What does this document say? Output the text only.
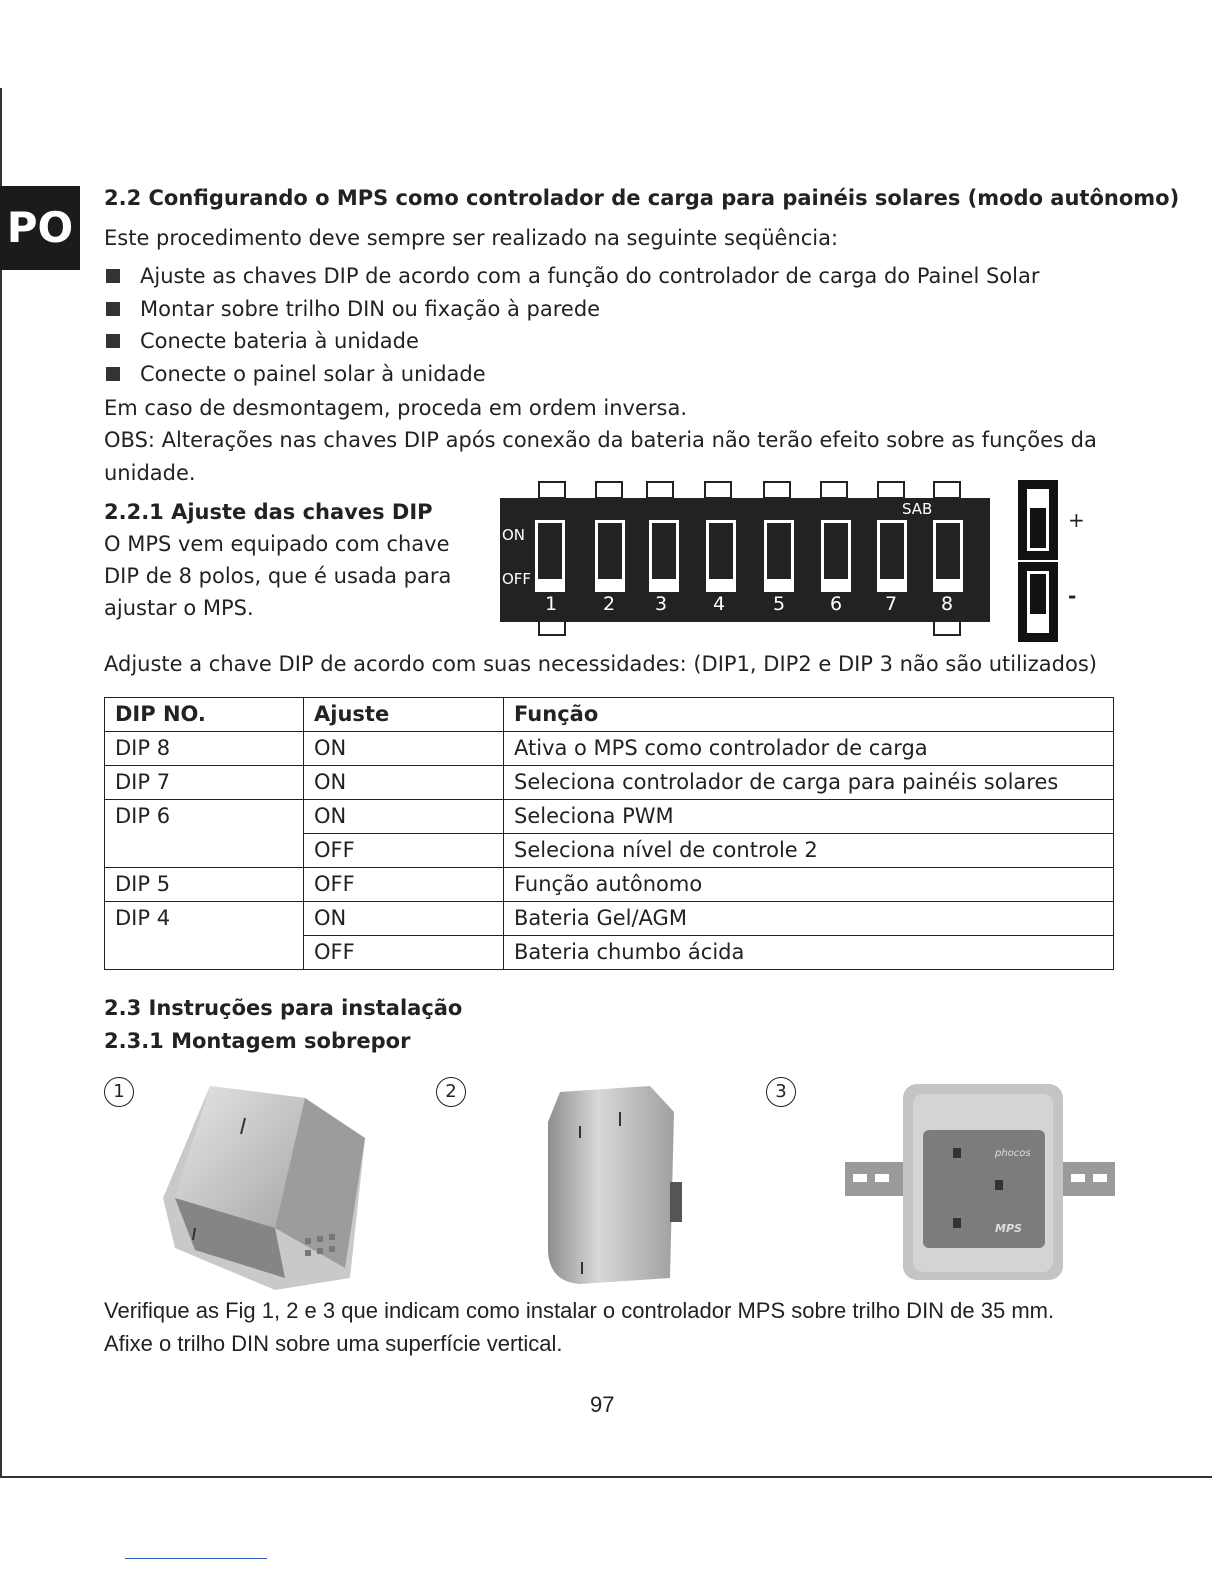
PO
2.2 Configurando o MPS como controlador de carga para painéis solares (modo autônomo)
Este procedimento deve sempre ser realizado na seguinte seqüência:
Ajuste as chaves DIP de acordo com a função do controlador de carga do Painel Solar
Montar sobre trilho DIN ou fixação à parede
Conecte bateria à unidade
Conecte o painel solar à unidade
Em caso de desmontagem, proceda em ordem inversa.
OBS: Alterações nas chaves DIP após conexão da bateria não terão efeito sobre as funções da
unidade.
2.2.1 Ajuste das chaves DIP
O MPS vem equipado com chave
DIP de 8 polos, que é usada para
ajustar o MPS.
ON
OFF
SAB
1	2	3	4	5	6	7	8
+
-
Adjuste a chave DIP de acordo com suas necessidades: (DIP1, DIP2 e DIP 3 não são utilizados)
DIP NO.	Ajuste	Função
DIP 8	ON	Ativa o MPS como controlador de carga
DIP 7	ON	Seleciona controlador de carga para painéis solares
DIP 6	ON	Seleciona PWM
	OFF	Seleciona nível de controle 2
DIP 5	OFF	Função autônomo
DIP 4	ON	Bateria Gel/AGM
	OFF	Bateria chumbo ácida
2.3 Instruções para instalação
2.3.1 Montagem sobrepor
1	2	3
phocos
MPS
Verifique as Fig 1, 2 e 3 que indicam como instalar o controlador MPS sobre trilho DIN de 35 mm.
Afixe o trilho DIN sobre uma superfície vertical.
97
